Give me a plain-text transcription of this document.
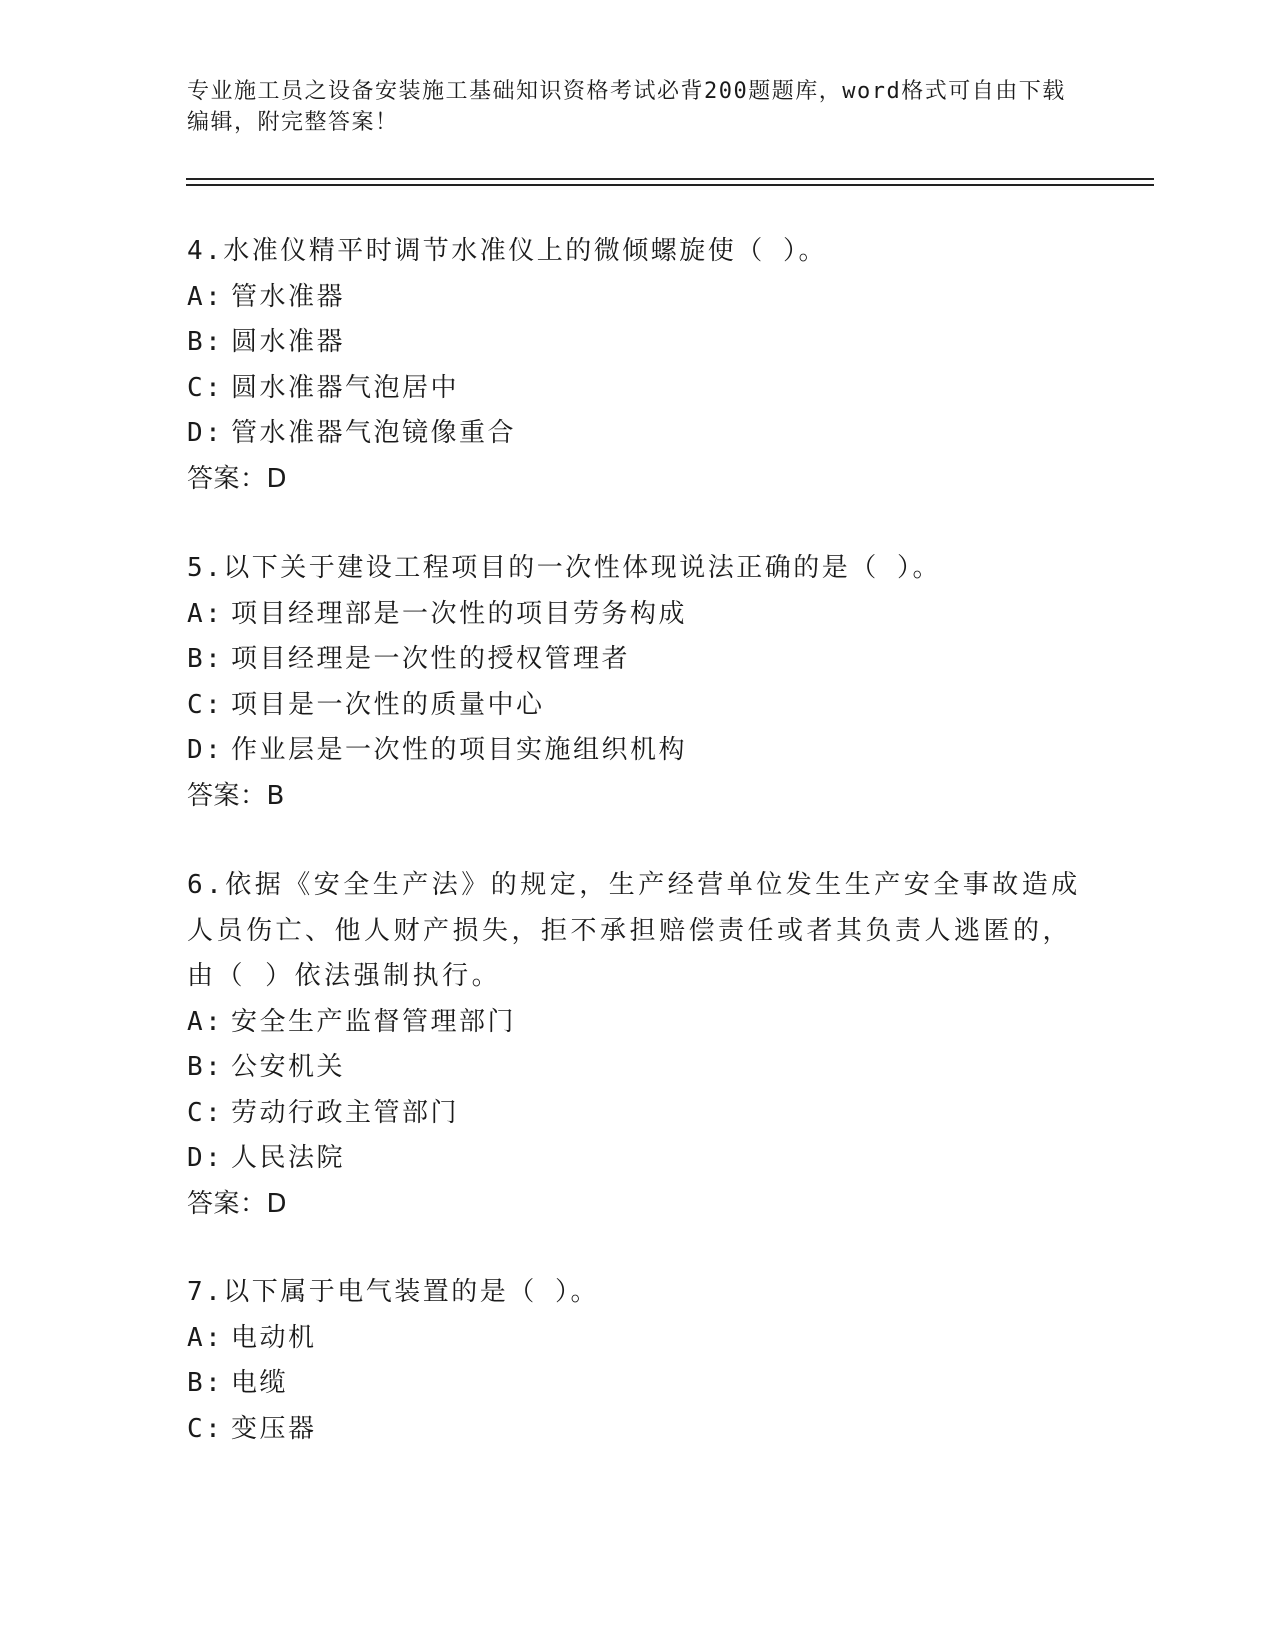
专业施工员之设备安装施工基础知识资格考试必背200题题库，word格式可自由下载编辑，附完整答案！
4.水准仪精平时调节水准仪上的微倾螺旋使（ ）。
A: 管水准器
B: 圆水准器
C: 圆水准器气泡居中
D: 管水准器气泡镜像重合
答案：D
5.以下关于建设工程项目的一次性体现说法正确的是（ ）。
A: 项目经理部是一次性的项目劳务构成
B: 项目经理是一次性的授权管理者
C: 项目是一次性的质量中心
D: 作业层是一次性的项目实施组织机构
答案：B
6.依据《安全生产法》的规定，生产经营单位发生生产安全事故造成
人员伤亡、他人财产损失，拒不承担赔偿责任或者其负责人逃匿的，
由（ ）依法强制执行。
A: 安全生产监督管理部门
B: 公安机关
C: 劳动行政主管部门
D: 人民法院
答案：D
7.以下属于电气装置的是（ ）。
A: 电动机
B: 电缆
C: 变压器
